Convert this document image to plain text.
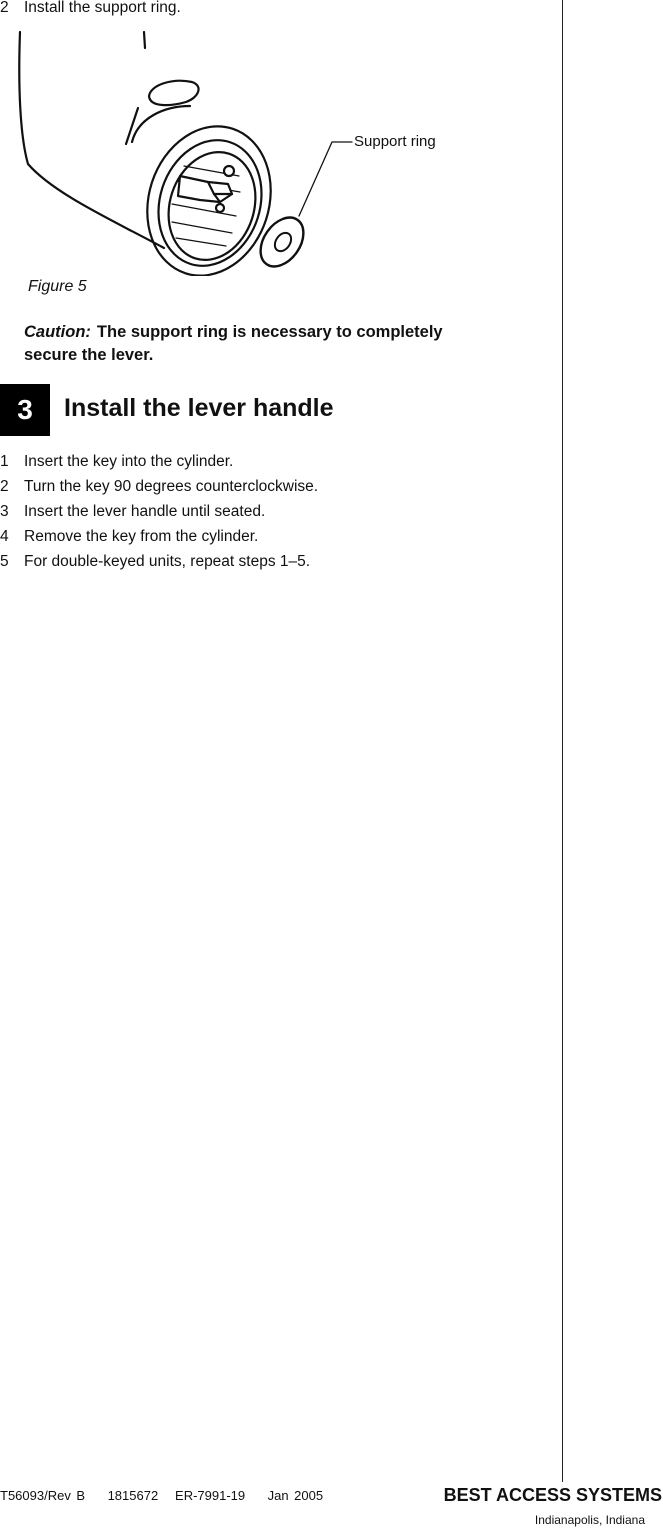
2 Install the support ring.
Support ring
Figure 5
Caution: The support ring is necessary to completely secure the lever.
3	Install the lever handle
1 Insert the key into the cylinder.
2 Turn the key 90 degrees counterclockwise.
3 Insert the lever handle until seated.
4 Remove the key from the cylinder.
5 For double-keyed units, repeat steps 1–5.
T56093/Rev B 1815672 ER-7991-19 Jan 2005	BEST ACCESS SYSTEMS
Indianapolis, Indiana
